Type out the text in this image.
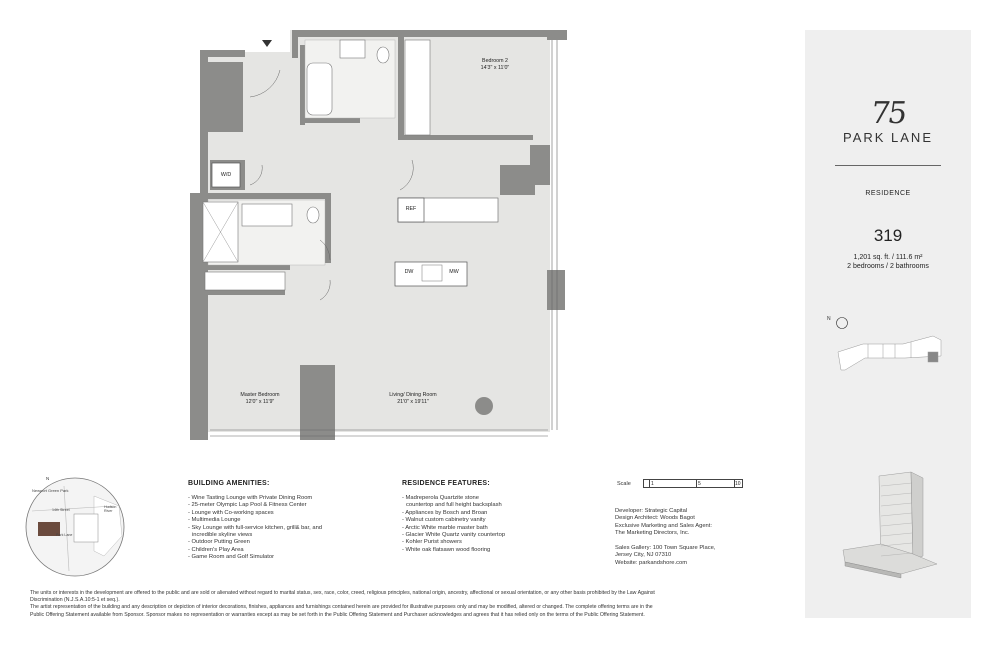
Bedroom 2
14'3" x 11'0"
Master Bedroom
12'0" x 11'9"
Living/ Dining Room
21'0" x 19'11"
W/D
REF
DW	MW
75
PARK LANE
RESIDENCE
319
1,201 sq. ft. / 111.6 m²
2 bedrooms / 2 bathrooms
N
N
Newport Green Park
Hudson River
14th Street
Park Lane
BUILDING AMENITIES:
- Wine Tasting Lounge with Private Dining Room
- 25-meter Olympic Lap Pool & Fitness Center
- Lounge with Co-working spaces
- Multimedia Lounge
- Sky Lounge with full-service kitchen, grill& bar, and
incredible skyline views
- Outdoor Putting Green
- Children's Play Area
- Game Room and Golf Simulator
RESIDENCE FEATURES:
- Madreperola Quartzite stone
countertop and full height backsplash
- Appliances by Bosch and Broan
- Walnut custom cabinetry vanity
- Arctic White marble master bath
- Glacier White Quartz vanity countertop
- Kohler Purist showers
- White oak flatsawn wood flooring
Scale	1	5	10
Developer: Strategic Capital
Design Architect: Woods Bagot
Exclusive Marketing and Sales Agent:
The Marketing Directors, Inc.
Sales Gallery: 100 Town Square Place,
Jersey City, NJ 07310
Website: parkandshore.com
The units or interests in the development are offered to the public and are sold or alienated without regard to marital status, sex, race, color, creed, religious principles, national origin, ancestry, affectional or sexual orientation, or any other basis prohibited by the Law Against
Discrimination (N.J.S.A.10:5-1 et seq.).
The artist representation of the building and any description or depiction of interior decorations, finishes, appliances and furnishings contained herein are provided for illustrative purposes only and may be modified, altered or changed. The complete offering terms are in the
Public Offering Statement available from Sponsor. Sponsor makes no representation or warranties except as may be set forth in the Public Offering Statement and Purchaser acknowledges and agrees that it has relied only on the terms of the Public Offering Statement.
